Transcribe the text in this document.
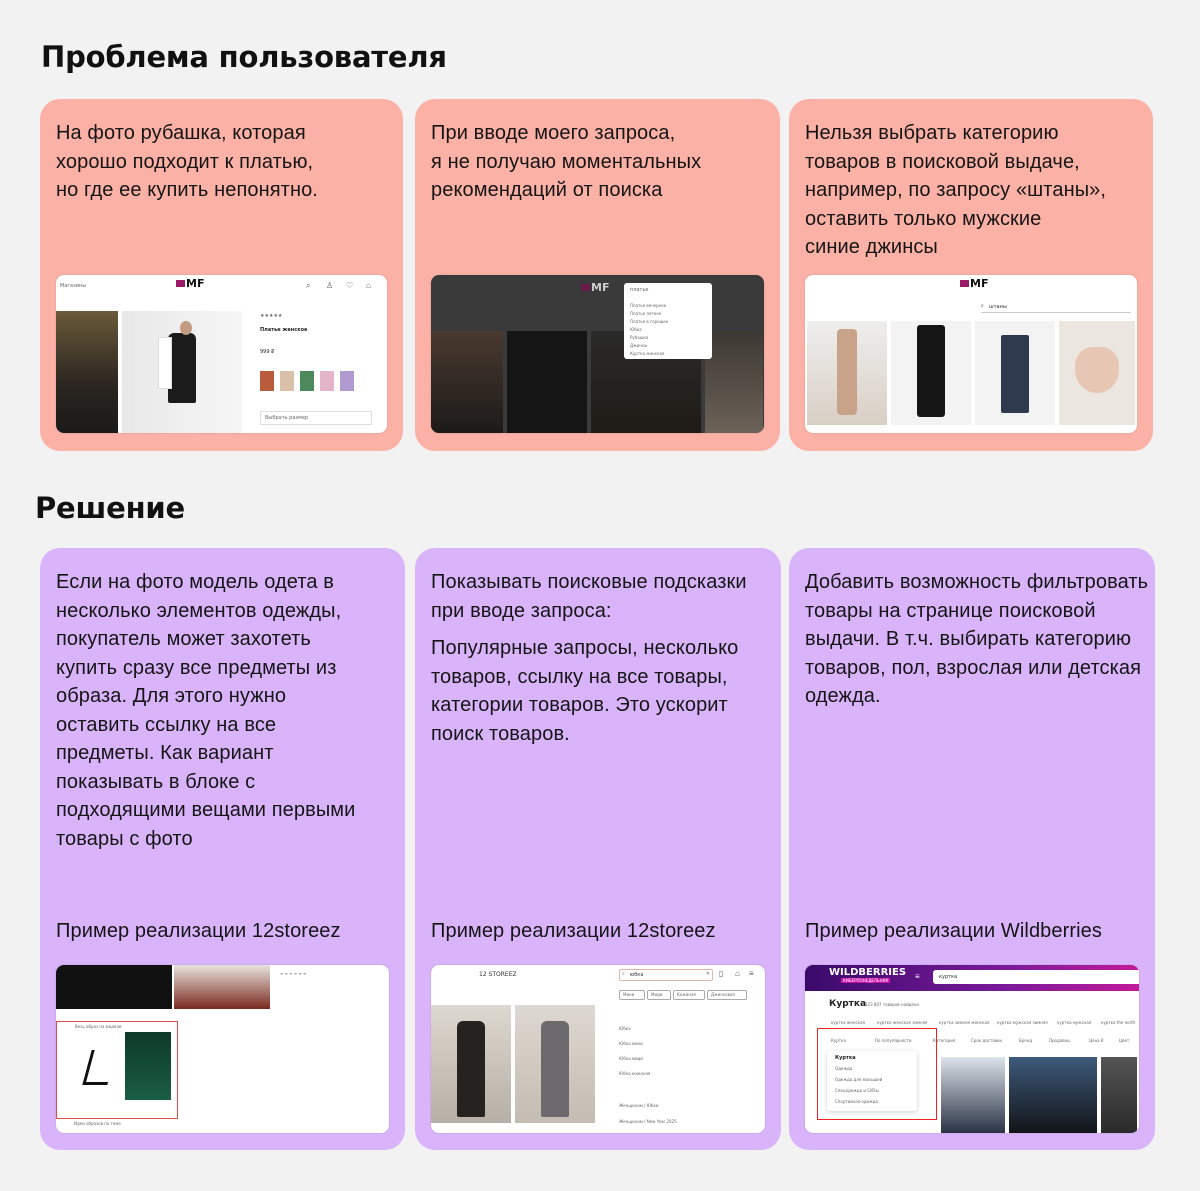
Проблема пользователя
Решение

На фото рубашка, которая
хорошо подходит к платью,
но где ее купить непонятно.

Магазины	MF	⌕ ♙ ♡ ⌂
★★★★★
Платье женское
999 ₽
Выбрать размер

При вводе моего запроса,
я не получаю моментальных
рекомендаций от поиска

MF	платье
Платье вечернее
Платье летнее
Платье в горошек
Юбка
Рубашка
Джинсы
Куртка женская

Нельзя выбрать категорию
товаров в поисковой выдаче,
например, по запросу «штаны»,
оставить только мужские
синие джинсы

MF
⌕ штаны

Если на фото модель одета в несколько элементов одежды, покупатель может захотеть купить сразу все предметы из образа. Для этого нужно оставить ссылку на все предметы. Как вариант показывать в блоке с подходящими вещами первыми товары с фото

Пример реализации 12storeez
≡ ≡ ≡ ≡ ≡ ≡
Весь образ на модели
Идеи образов по теме

Показывать поисковые подсказки при вводе запроса:

Популярные запросы, несколько товаров, ссылку на все товары, категории товаров. Это ускорит поиск товаров.

Пример реализации 12storeez
12 STOREEZ	⌕ юбка	✕ ▯ ⌂ ≡
Мини	Миди	Кожаная	Джинсовая
Юбка
Юбка мини
Юбка миди
Юбка кожаная
Женщинам / Юбки
Женщинам / New Year 2025

Добавить возможность фильтровать товары на странице поисковой выдачи. В т.ч. выбирать категорию товаров, пол, взрослая или детская одежда.

Пример реализации Wildberries
WILDBERRIES
КИБЕРПОНЕДЕЛЬНИК	≡	куртка
Куртка
223 807 товаров найдено
куртка женская	куртка женская зимняя	куртка зимняя женская куртка мужская зимняя куртка мужская куртка the north
Куртка	По популярности	Категория	Срок доставки	Бренд	Продавец	Цена ₽	Цвет
Куртка
Одежда
Одежда для малышей
Спецодежда и СИЗы
Спортивная одежда
